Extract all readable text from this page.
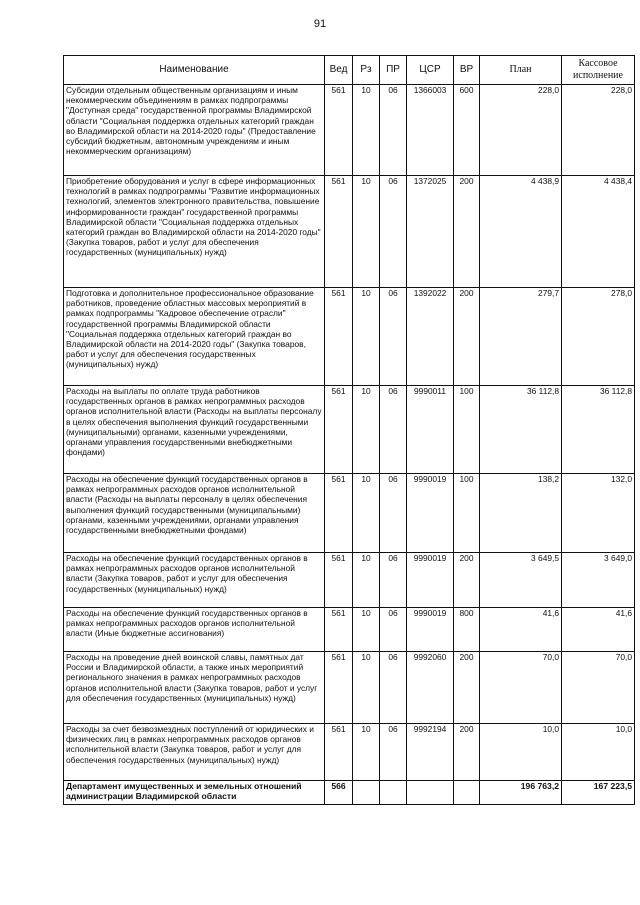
91
Наименование	Вед	Рз	ПР	ЦСР	ВР	План	Кассовое исполнение
Субсидии отдельным общественным организациям и иным некоммерческим объединениям в рамках подпрограммы "Доступная среда" государственной программы Владимирской области "Социальная поддержка отдельных категорий граждан во Владимирской области на 2014-2020 годы" (Предоставление субсидий бюджетным, автономным учреждениям и иным некоммерческим организациям)	561	10	06	1366003	600	228,0	228,0
Приобретение оборудования и услуг в сфере информационных технологий в рамках подпрограммы "Развитие информационных технологий, элементов электронного правительства, повышение информированности граждан" государственной программы Владимирской области "Социальная поддержка отдельных категорий граждан во Владимирской области на 2014-2020 годы" (Закупка товаров, работ и услуг для обеспечения государственных (муниципальных) нужд)	561	10	06	1372025	200	4 438,9	4 438,4
Подготовка и дополнительное профессиональное образование работников, проведение областных массовых мероприятий в рамках подпрограммы "Кадровое обеспечение отрасли" государственной программы Владимирской области "Социальная поддержка отдельных категорий граждан во Владимирской области на 2014-2020 годы" (Закупка товаров, работ и услуг для обеспечения государственных (муниципальных) нужд)	561	10	06	1392022	200	279,7	278,0
Расходы на выплаты по оплате труда работников государственных органов в рамках непрограммных расходов органов исполнительной власти (Расходы на выплаты персоналу в целях обеспечения выполнения функций государственными (муниципальными) органами, казенными учреждениями, органами управления государственными внебюджетными фондами)	561	10	06	9990011	100	36 112,8	36 112,8
Расходы на обеспечение функций государственных органов в рамках непрограммных расходов органов исполнительной власти (Расходы на выплаты персоналу в целях обеспечения выполнения функций государственными (муниципальными) органами, казенными учреждениями, органами управления государственными внебюджетными фондами)	561	10	06	9990019	100	138,2	132,0
Расходы на обеспечение функций государственных органов в рамках непрограммных расходов органов исполнительной власти (Закупка товаров, работ и услуг для обеспечения государственных (муниципальных) нужд)	561	10	06	9990019	200	3 649,5	3 649,0
Расходы на обеспечение функций государственных органов в рамках непрограммных расходов органов исполнительной власти (Иные бюджетные ассигнования)	561	10	06	9990019	800	41,6	41,6
Расходы на проведение дней воинской славы, памятных дат России и Владимирской области, а также иных мероприятий регионального значения в рамках непрограммных расходов органов исполнительной власти (Закупка товаров, работ и услуг для обеспечения государственных (муниципальных) нужд)	561	10	06	9992060	200	70,0	70,0
Расходы за счет безвозмездных поступлений от юридических и физических лиц в рамках непрограммных расходов органов исполнительной власти (Закупка товаров, работ и услуг для обеспечения государственных (муниципальных) нужд)	561	10	06	9992194	200	10,0	10,0
Департамент имущественных и земельных отношений администрации Владимирской области	566					196 763,2	167 223,5
